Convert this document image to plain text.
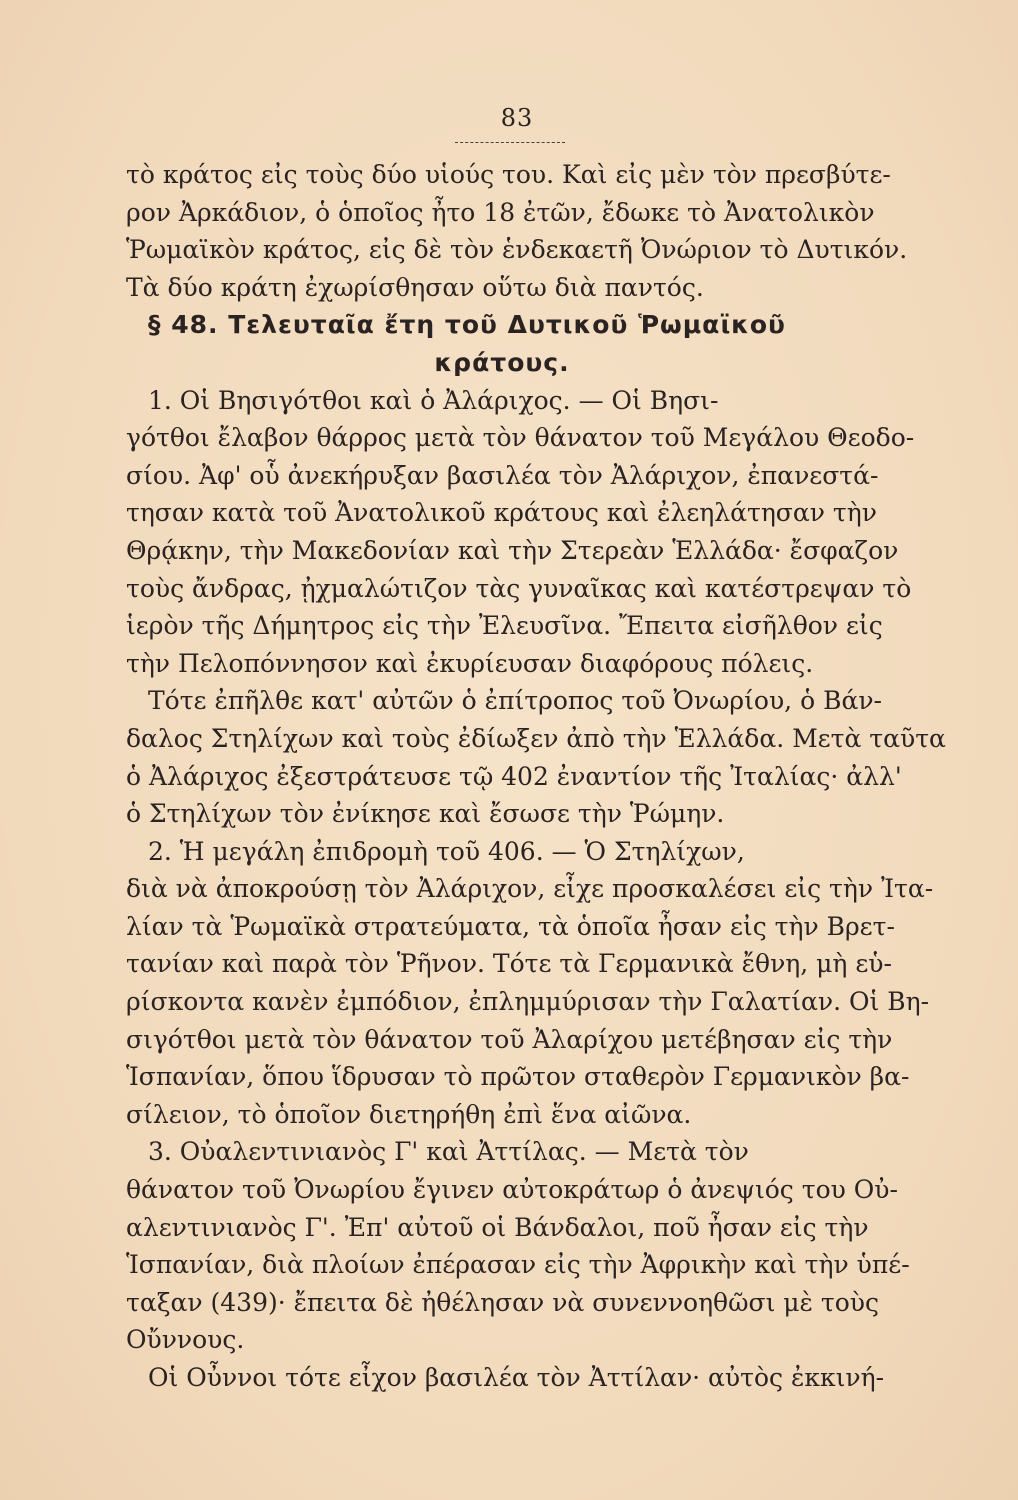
83
τὸ κράτος εἰς τοὺς δύο υἱούς του. Καὶ εἰς μὲν τὸν πρεσβύτε-
ρον Ἀρκάδιον, ὁ ὁποῖος ἦτο 18 ἐτῶν, ἔδωκε τὸ Ἀνατολικὸν
Ῥωμαϊκὸν κράτος, εἰς δὲ τὸν ἑνδεκαετῆ Ὀνώριον τὸ Δυτικόν.
Τὰ δύο κράτη ἐχωρίσθησαν οὕτω διὰ παντός.
§ 48. Τελευταῖα ἔτη τοῦ Δυτικοῦ Ῥωμαϊκοῦ
κράτους.
1. Οἱ Βησιγότθοι καὶ ὁ Ἀλάριχος. — Οἱ Βησι-
γότθοι ἔλαβον θάρρος μετὰ τὸν θάνατον τοῦ Μεγάλου Θεοδο-
σίου. Ἀφ' οὗ ἀνεκήρυξαν βασιλέα τὸν Ἀλάριχον, ἐπανεστά-
τησαν κατὰ τοῦ Ἀνατολικοῦ κράτους καὶ ἐλεηλάτησαν τὴν
Θρᾴκην, τὴν Μακεδονίαν καὶ τὴν Στερεὰν Ἑλλάδα· ἔσφαζον
τοὺς ἄνδρας, ᾐχμαλώτιζον τὰς γυναῖκας καὶ κατέστρεψαν τὸ
ἱερὸν τῆς Δήμητρος εἰς τὴν Ἐλευσῖνα. Ἔπειτα εἰσῆλθον εἰς
τὴν Πελοπόννησον καὶ ἐκυρίευσαν διαφόρους πόλεις.
Τότε ἐπῆλθε κατ' αὐτῶν ὁ ἐπίτροπος τοῦ Ὀνωρίου, ὁ Βάν-
δαλος Στηλίχων καὶ τοὺς ἐδίωξεν ἀπὸ τὴν Ἑλλάδα. Μετὰ ταῦτα
ὁ Ἀλάριχος ἐξεστράτευσε τῷ 402 ἐναντίον τῆς Ἰταλίας· ἀλλ'
ὁ Στηλίχων τὸν ἐνίκησε καὶ ἔσωσε τὴν Ῥώμην.
2. Ἡ μεγάλη ἐπιδρομὴ τοῦ 406. — Ὁ Στηλίχων,
διὰ νὰ ἀποκρούσῃ τὸν Ἀλάριχον, εἶχε προσκαλέσει εἰς τὴν Ἰτα-
λίαν τὰ Ῥωμαϊκὰ στρατεύματα, τὰ ὁποῖα ἦσαν εἰς τὴν Βρετ-
τανίαν καὶ παρὰ τὸν Ῥῆνον. Τότε τὰ Γερμανικὰ ἔθνη, μὴ εὑ-
ρίσκοντα κανὲν ἐμπόδιον, ἐπλημμύρισαν τὴν Γαλατίαν. Οἱ Βη-
σιγότθοι μετὰ τὸν θάνατον τοῦ Ἀλαρίχου μετέβησαν εἰς τὴν
Ἱσπανίαν, ὅπου ἵδρυσαν τὸ πρῶτον σταθερὸν Γερμανικὸν βα-
σίλειον, τὸ ὁποῖον διετηρήθη ἐπὶ ἕνα αἰῶνα.
3. Οὐαλεντινιανὸς Γ' καὶ Ἀττίλας. — Μετὰ τὸν
θάνατον τοῦ Ὀνωρίου ἔγινεν αὐτοκράτωρ ὁ ἀνεψιός του Οὐ-
αλεντινιανὸς Γ'. Ἐπ' αὐτοῦ οἱ Βάνδαλοι, ποῦ ἦσαν εἰς τὴν
Ἱσπανίαν, διὰ πλοίων ἐπέρασαν εἰς τὴν Ἀφρικὴν καὶ τὴν ὑπέ-
ταξαν (439)· ἔπειτα δὲ ἠθέλησαν νὰ συνεννοηθῶσι μὲ τοὺς
Οὔννους.
Οἱ Οὖννοι τότε εἶχον βασιλέα τὸν Ἀττίλαν· αὐτὸς ἐκκινή-
